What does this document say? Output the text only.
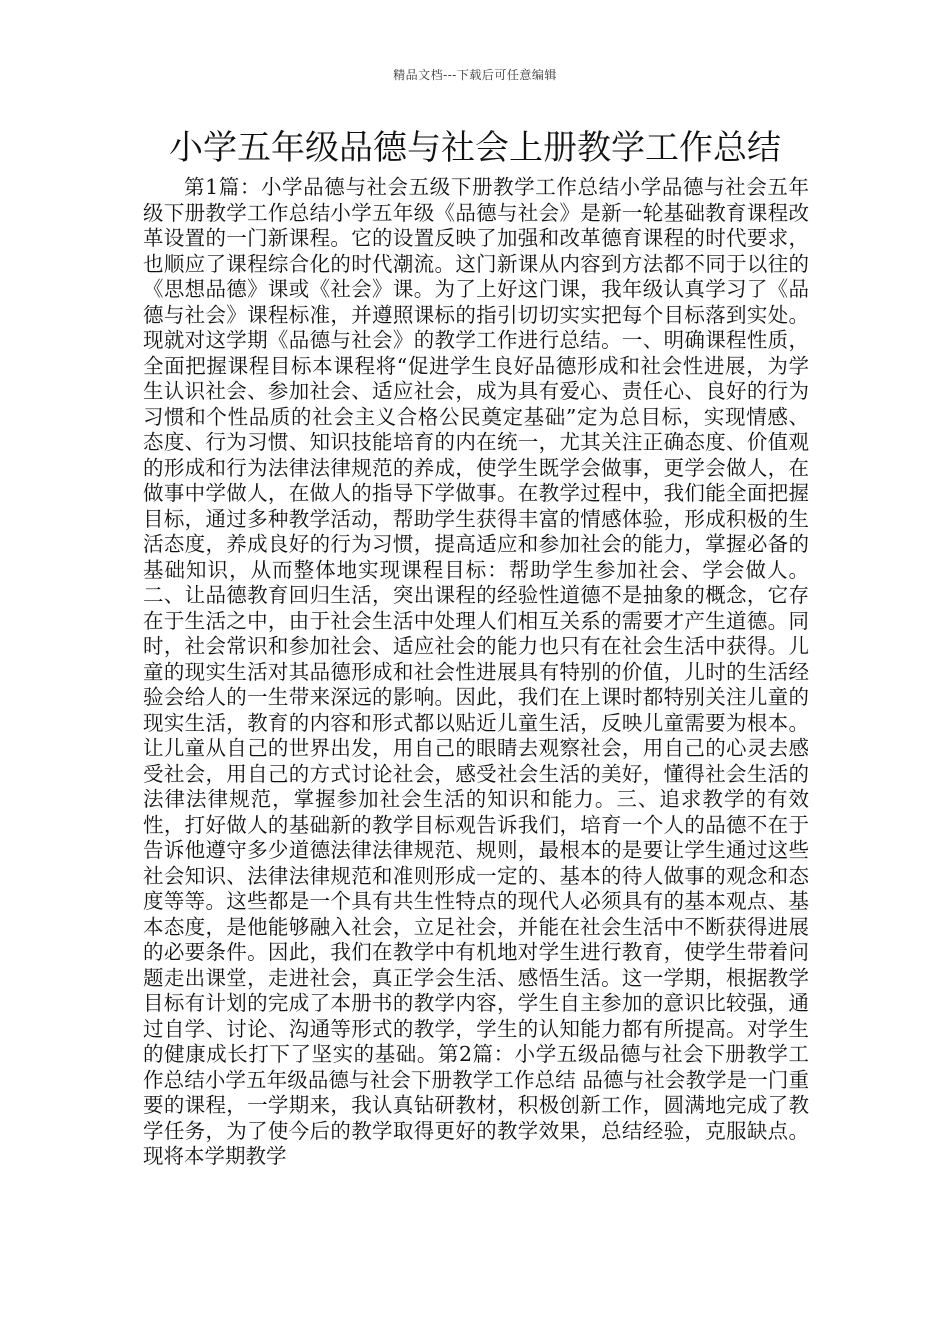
精品文档---下载后可任意编辑
小学五年级品德与社会上册教学工作总结

第1篇：小学品德与社会五级下册教学工作总结小学品德与社会五年级下册教学工作总结小学五年级《品德与社会》是新一轮基础教育课程改革设置的一门新课程。它的设置反映了加强和改革德育课程的时代要求，也顺应了课程综合化的时代潮流。这门新课从内容到方法都不同于以往的《思想品德》课或《社会》课。为了上好这门课，我年级认真学习了《品德与社会》课程标准，并遵照课标的指引切切实实把每个目标落到实处。现就对这学期《品德与社会》的教学工作进行总结。一、明确课程性质，全面把握课程目标本课程将“促进学生良好品德形成和社会性进展，为学生认识社会、参加社会、适应社会，成为具有爱心、责任心、良好的行为习惯和个性品质的社会主义合格公民奠定基础”定为总目标，实现情感、态度、行为习惯、知识技能培育的内在统一，尤其关注正确态度、价值观的形成和行为法律法律规范的养成，使学生既学会做事，更学会做人，在做事中学做人，在做人的指导下学做事。在教学过程中，我们能全面把握目标，通过多种教学活动，帮助学生获得丰富的情感体验，形成积极的生活态度，养成良好的行为习惯，提高适应和参加社会的能力，掌握必备的基础知识，从而整体地实现课程目标：帮助学生参加社会、学会做人。二、让品德教育回归生活，突出课程的经验性道德不是抽象的概念，它存在于生活之中，由于社会生活中处理人们相互关系的需要才产生道德。同时，社会常识和参加社会、适应社会的能力也只有在社会生活中获得。儿童的现实生活对其品德形成和社会性进展具有特别的价值，儿时的生活经验会给人的一生带来深远的影响。因此，我们在上课时都特别关注儿童的现实生活，教育的内容和形式都以贴近儿童生活，反映儿童需要为根本。让儿童从自己的世界出发，用自己的眼睛去观察社会，用自己的心灵去感受社会，用自己的方式讨论社会，感受社会生活的美好，懂得社会生活的法律法律规范，掌握参加社会生活的知识和能力。三、追求教学的有效性，打好做人的基础新的教学目标观告诉我们，培育一个人的品德不在于告诉他遵守多少道德法律法律规范、规则，最根本的是要让学生通过这些社会知识、法律法律规范和准则形成一定的、基本的待人做事的观念和态度等等。这些都是一个具有共生性特点的现代人必须具有的基本观点、基本态度，是他能够融入社会，立足社会，并能在社会生活中不断获得进展的必要条件。因此，我们在教学中有机地对学生进行教育，使学生带着问题走出课堂，走进社会，真正学会生活、感悟生活。这一学期，根据教学目标有计划的完成了本册书的教学内容，学生自主参加的意识比较强，通过自学、讨论、沟通等形式的教学，学生的认知能力都有所提高。对学生的健康成长打下了坚实的基础。第2篇：小学五级品德与社会下册教学工作总结小学五年级品德与社会下册教学工作总结 品德与社会教学是一门重要的课程，一学期来，我认真钻研教材，积极创新工作，圆满地完成了教学任务，为了使今后的教学取得更好的教学效果，总结经验，克服缺点。现将本学期教学
